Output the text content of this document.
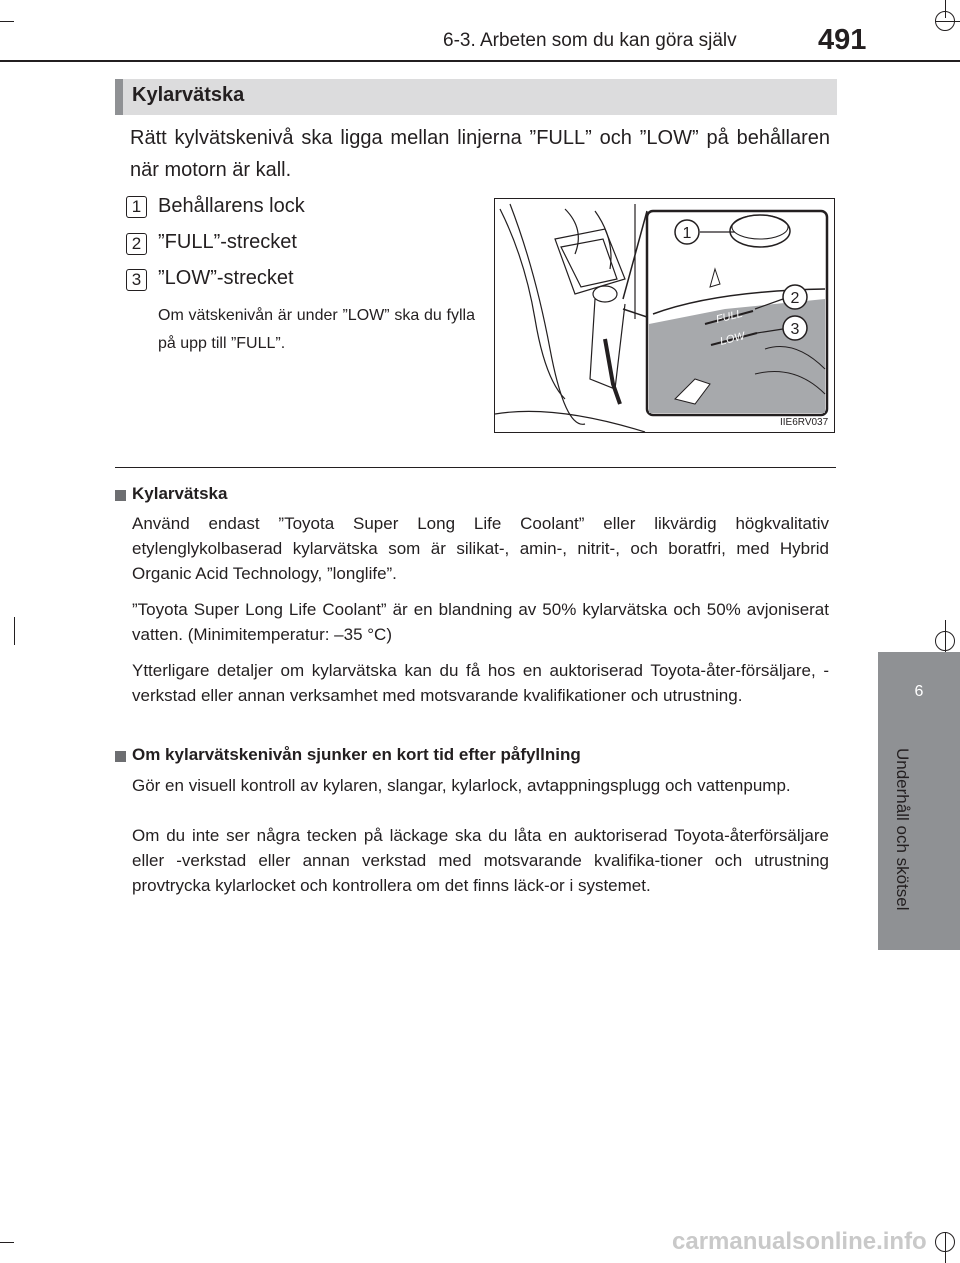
6-3. Arbeten som du kan göra själv	491
6
Underhåll och skötsel
Kylarvätska
Rätt kylvätskenivå ska ligga mellan linjerna ”FULL” och ”LOW” på behållaren när motorn är kall.
1 Behållarens lock
2 ”FULL”-strecket
3 ”LOW”-strecket
Om vätskenivån är under ”LOW” ska du fylla på upp till ”FULL”.
FULL
LOW
1
2
3
IIE6RV037
Kylarvätska
Använd endast ”Toyota Super Long Life Coolant” eller likvärdig högkvalitativ etylenglykolbaserad kylarvätska som är silikat-, amin-, nitrit-, och boratfri, med Hybrid Organic Acid Technology, ”longlife”.
”Toyota Super Long Life Coolant” är en blandning av 50% kylarvätska och 50% avjoniserat vatten. (Minimitemperatur: –35 °C)
Ytterligare detaljer om kylarvätska kan du få hos en auktoriserad Toyota-åter-försäljare, -verkstad eller annan verksamhet med motsvarande kvalifikationer och utrustning.
Om kylarvätskenivån sjunker en kort tid efter påfyllning
Gör en visuell kontroll av kylaren, slangar, kylarlock, avtappningsplugg och vattenpump.
Om du inte ser några tecken på läckage ska du låta en auktoriserad Toyota-återförsäljare eller -verkstad eller annan verkstad med motsvarande kvalifika-tioner och utrustning provtrycka kylarlocket och kontrollera om det finns läck-or i systemet.
carmanualsonline.info
